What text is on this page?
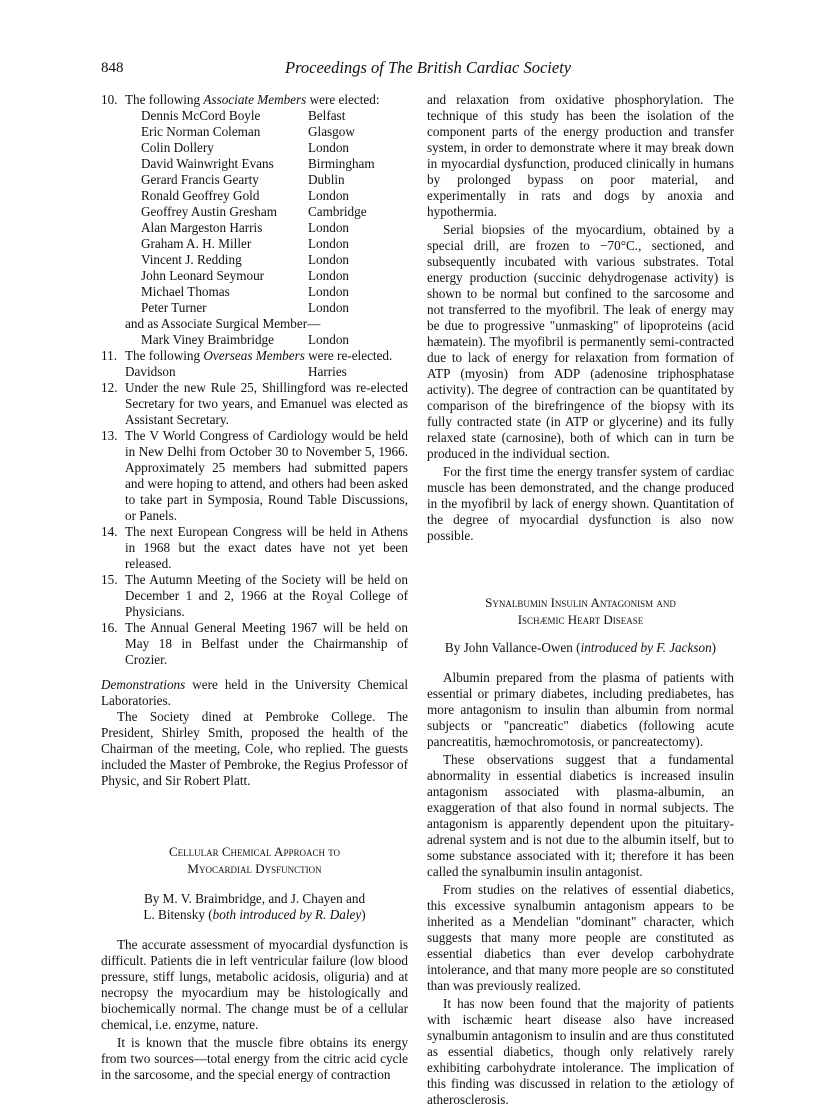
848	Proceedings of The British Cardiac Society
10. The following Associate Members were elected:
Dennis McCord Boyle	Belfast
Eric Norman Coleman	Glasgow
Colin Dollery	London
David Wainwright Evans	Birmingham
Gerard Francis Gearty	Dublin
Ronald Geoffrey Gold	London
Geoffrey Austin Gresham	Cambridge
Alan Margeston Harris	London
Graham A. H. Miller	London
Vincent J. Redding	London
John Leonard Seymour	London
Michael Thomas	London
Peter Turner	London
and as Associate Surgical Member—
Mark Viney Braimbridge	London
11. The following Overseas Members were re-elected.
Davidson	Harries
12. Under the new Rule 25, Shillingford was re-elected Secretary for two years, and Emanuel was elected as Assistant Secretary.
13. The V World Congress of Cardiology would be held in New Delhi from October 30 to November 5, 1966. Approximately 25 members had submitted papers and were hoping to attend, and others had been asked to take part in Symposia, Round Table Discussions, or Panels.
14. The next European Congress will be held in Athens in 1968 but the exact dates have not yet been released.
15. The Autumn Meeting of the Society will be held on December 1 and 2, 1966 at the Royal College of Physicians.
16. The Annual General Meeting 1967 will be held on May 18 in Belfast under the Chairmanship of Crozier.

Demonstrations were held in the University Chemical Laboratories.

The Society dined at Pembroke College. The President, Shirley Smith, proposed the health of the Chairman of the meeting, Cole, who replied. The guests included the Master of Pembroke, the Regius Professor of Physic, and Sir Robert Platt.

Cellular Chemical Approach to
Myocardial Dysfunction
By M. V. Braimbridge, and J. Chayen and
L. Bitensky (both introduced by R. Daley)

The accurate assessment of myocardial dysfunction is difficult. Patients die in left ventricular failure (low blood pressure, stiff lungs, metabolic acidosis, oliguria) and at necropsy the myocardium may be histologically and biochemically normal. The change must be of a cellular chemical, i.e. enzyme, nature.

It is known that the muscle fibre obtains its energy from two sources—total energy from the citric acid cycle in the sarcosome, and the special energy of contraction

and relaxation from oxidative phosphorylation. The technique of this study has been the isolation of the component parts of the energy production and transfer system, in order to demonstrate where it may break down in myocardial dysfunction, produced clinically in humans by prolonged bypass on poor material, and experimentally in rats and dogs by anoxia and hypothermia.

Serial biopsies of the myocardium, obtained by a special drill, are frozen to −70°C., sectioned, and subsequently incubated with various substrates. Total energy production (succinic dehydrogenase activity) is shown to be normal but confined to the sarcosome and not transferred to the myofibril. The leak of energy may be due to progressive "unmasking" of lipoproteins (acid hæmatein). The myofibril is permanently semi-contracted due to lack of energy for relaxation from formation of ATP (myosin) from ADP (adenosine triphosphatase activity). The degree of contraction can be quantitated by comparison of the birefringence of the biopsy with its fully contracted state (in ATP or glycerine) and its fully relaxed state (carnosine), both of which can in turn be produced in the individual section.

For the first time the energy transfer system of cardiac muscle has been demonstrated, and the change produced in the myofibril by lack of energy shown. Quantitation of the degree of myocardial dysfunction is also now possible.

Synalbumin Insulin Antagonism and
Ischæmic Heart Disease
By John Vallance-Owen (introduced by F. Jackson)

Albumin prepared from the plasma of patients with essential or primary diabetes, including prediabetes, has more antagonism to insulin than albumin from normal subjects or "pancreatic" diabetics (following acute pancreatitis, hæmochromotosis, or pancreatectomy).

These observations suggest that a fundamental abnormality in essential diabetics is increased insulin antagonism associated with plasma-albumin, an exaggeration of that also found in normal subjects. The antagonism is apparently dependent upon the pituitary-adrenal system and is not due to the albumin itself, but to some substance associated with it; therefore it has been called the synalbumin insulin antagonist.

From studies on the relatives of essential diabetics, this excessive synalbumin antagonism appears to be inherited as a Mendelian "dominant" character, which suggests that many more people are constituted as essential diabetics than ever develop carbohydrate intolerance, and that many more people are so constituted than was previously realized.

It has now been found that the majority of patients with ischæmic heart disease also have increased synalbumin antagonism to insulin and are thus constituted as essential diabetics, though only relatively rarely exhibiting carbohydrate intolerance. The implication of this finding was discussed in relation to the ætiology of atherosclerosis.
